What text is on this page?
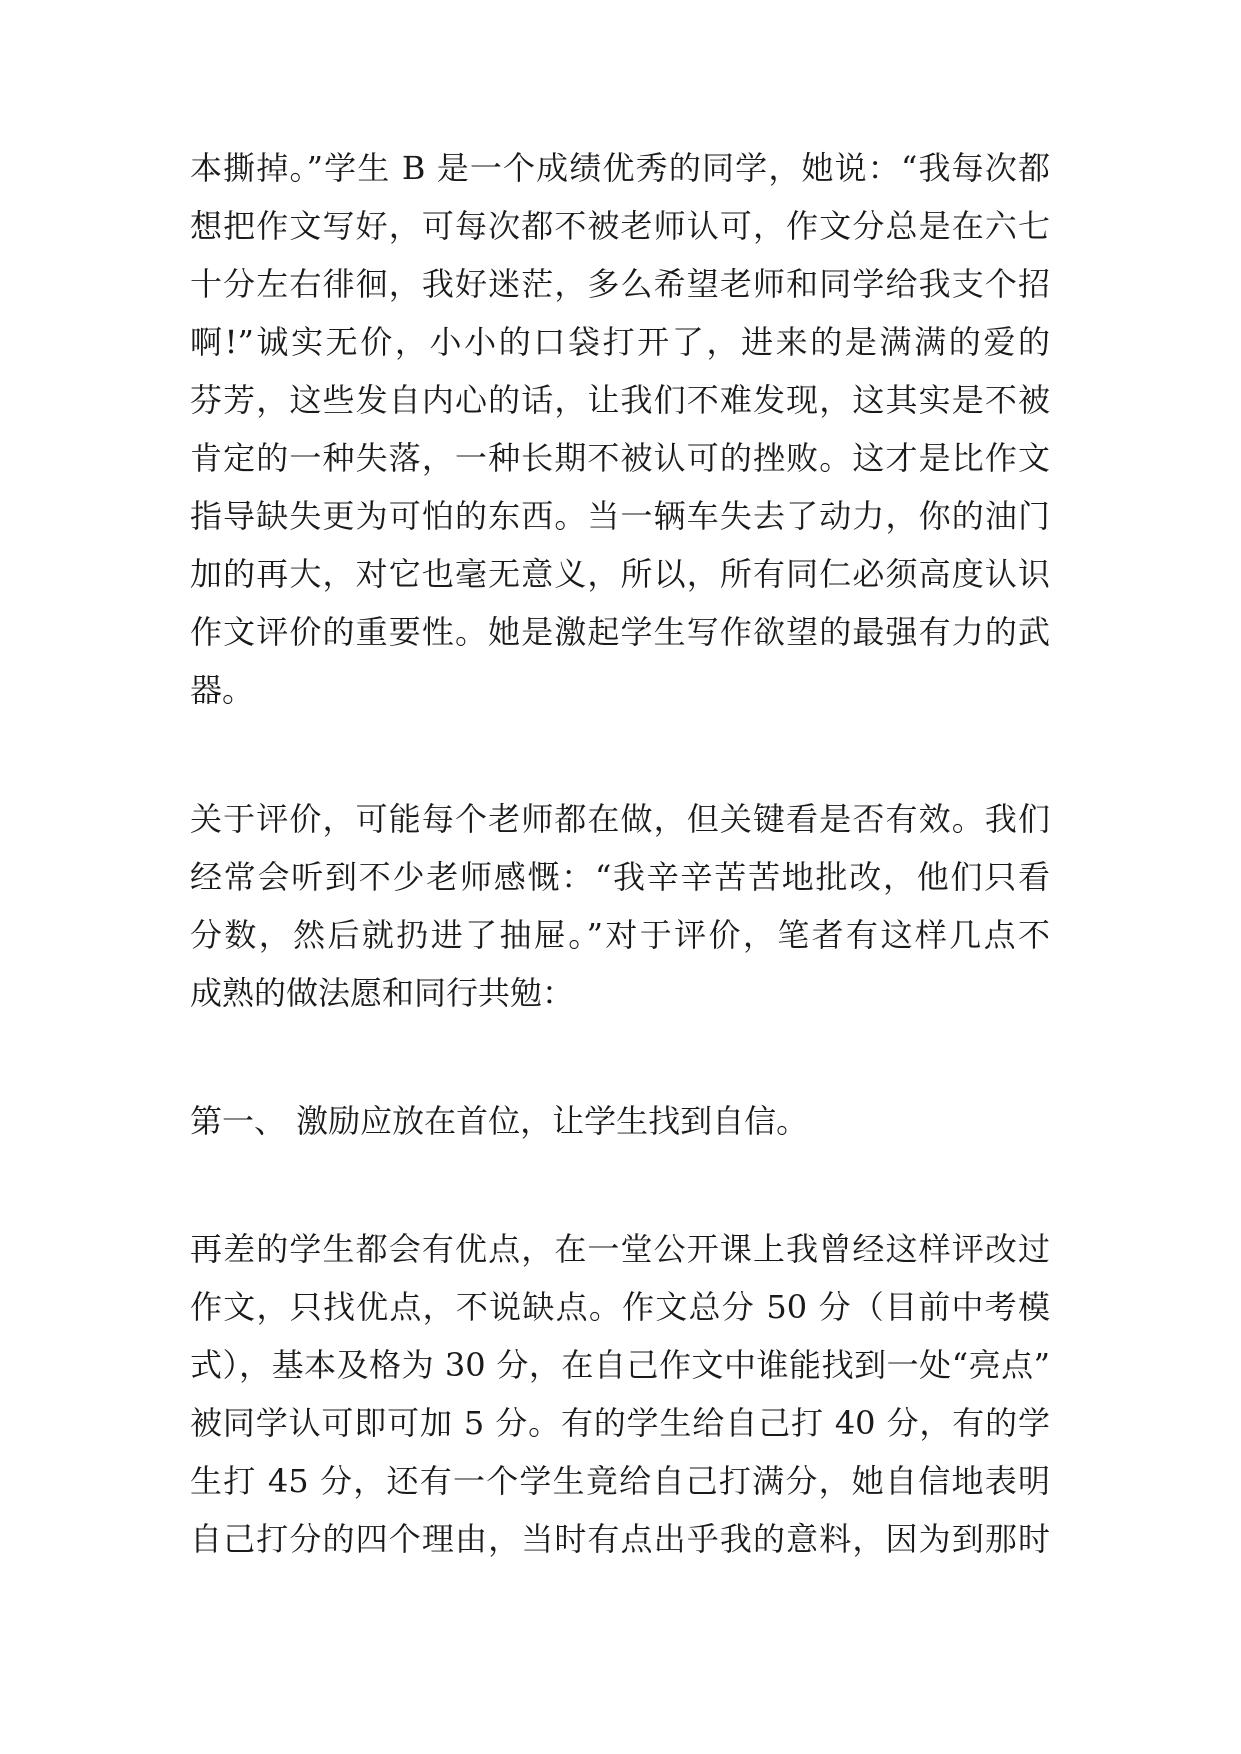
本撕掉。”学生 B 是一个成绩优秀的同学，她说：“我每次都
想把作文写好，可每次都不被老师认可，作文分总是在六七
十分左右徘徊，我好迷茫，多么希望老师和同学给我支个招
啊!”诚实无价，小小的口袋打开了，进来的是满满的爱的
芬芳，这些发自内心的话，让我们不难发现，这其实是不被
肯定的一种失落，一种长期不被认可的挫败。这才是比作文
指导缺失更为可怕的东西。当一辆车失去了动力，你的油门
加的再大，对它也毫无意义，所以，所有同仁必须高度认识
作文评价的重要性。她是激起学生写作欲望的最强有力的武
器。
关于评价，可能每个老师都在做，但关键看是否有效。我们
经常会听到不少老师感慨：“我辛辛苦苦地批改，他们只看
分数，然后就扔进了抽屉。”对于评价，笔者有这样几点不
成熟的做法愿和同行共勉：
第一、 激励应放在首位，让学生找到自信。
再差的学生都会有优点，在一堂公开课上我曾经这样评改过
作文，只找优点，不说缺点。作文总分 50 分（目前中考模
式），基本及格为 30 分，在自己作文中谁能找到一处“亮点”
被同学认可即可加 5 分。有的学生给自己打 40 分，有的学
生打 45 分，还有一个学生竟给自己打满分，她自信地表明
自己打分的四个理由，当时有点出乎我的意料，因为到那时
